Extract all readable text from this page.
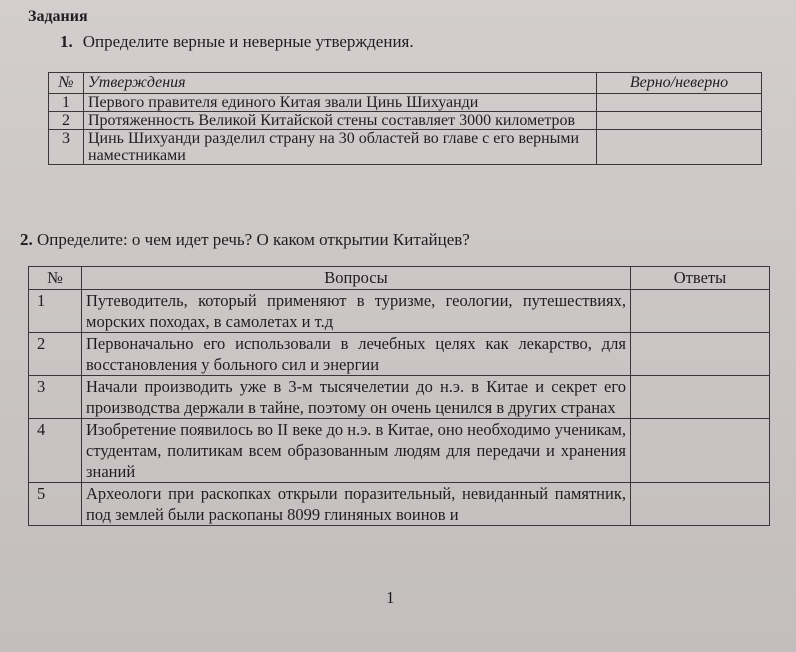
Задания
1. Определите верные и неверные утверждения.
№	Утверждения	Верно/неверно
1	Первого правителя единого Китая звали Цинь Шихуанди	
2	Протяженность Великой Китайской стены составляет 3000 километров	
3	Цинь Шихуанди разделил страну на 30 областей во главе с его верными наместниками	
2. Определите: о чем идет речь? О каком открытии Китайцев?
№	Вопросы	Ответы
1	Путеводитель, который применяют в туризме, геологии, путешествиях, морских походах, в самолетах и т.д	
2	Первоначально его использовали в лечебных целях как лекарство, для восстановления у больного сил и энергии	
3	Начали производить уже в 3-м тысячелетии до н.э. в Китае и секрет его производства держали в тайне, поэтому он очень ценился в других странах	
4	Изобретение появилось во II веке до н.э. в Китае, оно необходимо ученикам, студентам, политикам всем образованным людям для передачи и хранения знаний	
5	Археологи при раскопках открыли поразительный, невиданный памятник, под землей были раскопаны 8099 глиняных воинов и	
1
